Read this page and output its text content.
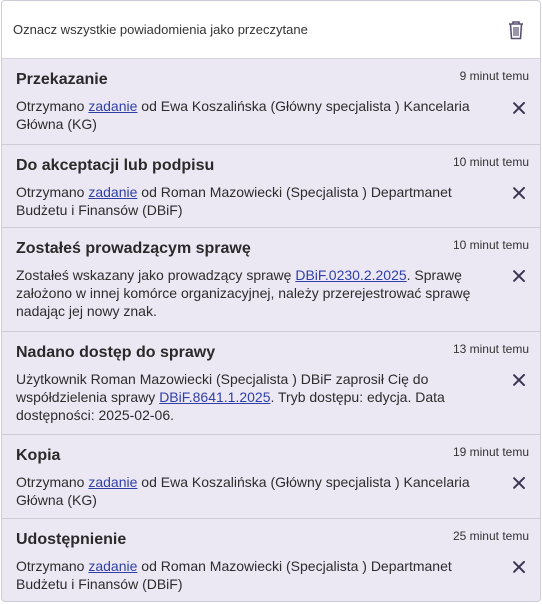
Oznacz wszystkie powiadomienia jako przeczytane
Przekazanie	9 minut temu
Otrzymano zadanie od Ewa Koszalińska (Główny specjalista ) Kancelaria Główna (KG)
Do akceptacji lub podpisu	10 minut temu
Otrzymano zadanie od Roman Mazowiecki (Specjalista ) Departmanet Budżetu i Finansów (DBiF)
Zostałeś prowadzącym sprawę	10 minut temu
Zostałeś wskazany jako prowadzący sprawę DBiF.0230.2.2025. Sprawę założono w innej komórce organizacyjnej, należy przerejestrować sprawę nadając jej nowy znak.
Nadano dostęp do sprawy	13 minut temu
Użytkownik Roman Mazowiecki (Specjalista ) DBiF zaprosił Cię do współdzielenia sprawy DBiF.8641.1.2025. Tryb dostępu: edycja. Data dostępności: 2025-02-06.
Kopia	19 minut temu
Otrzymano zadanie od Ewa Koszalińska (Główny specjalista ) Kancelaria Główna (KG)
Udostępnienie	25 minut temu
Otrzymano zadanie od Roman Mazowiecki (Specjalista ) Departmanet Budżetu i Finansów (DBiF)
